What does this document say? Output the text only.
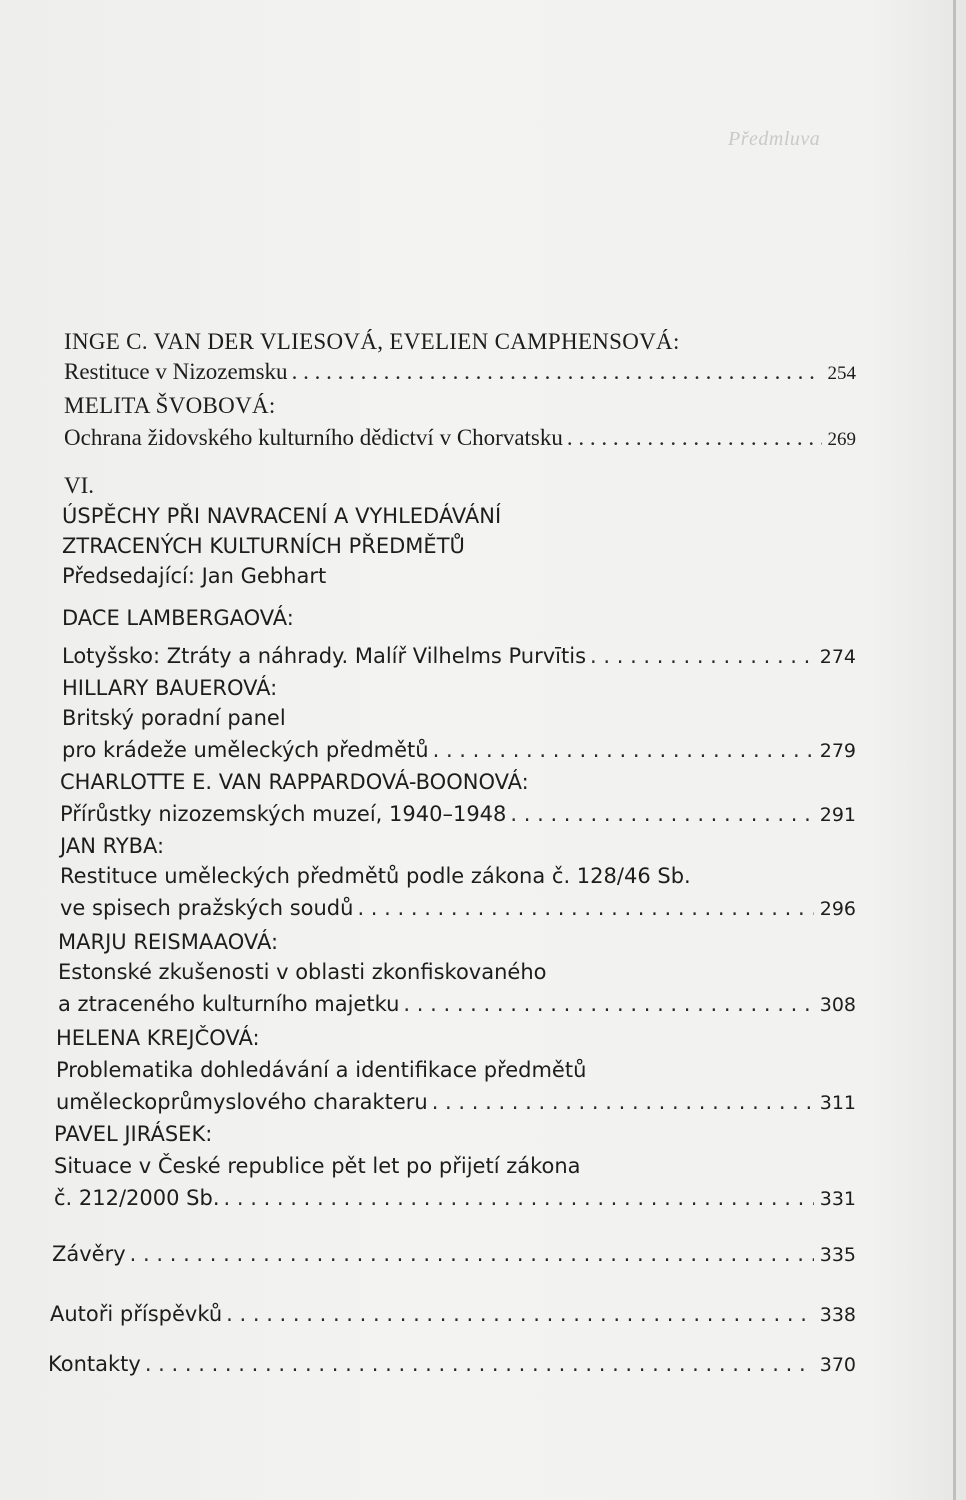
Předmluva
INGE C. VAN DER VLIESOVÁ, EVELIEN CAMPHENSOVÁ:
Restituce v Nizozemsku . . .	254
MELITA ŠVOBOVÁ:
Ochrana židovského kulturního dědictví v Chorvatsku . . .	269
VI.
ÚSPĚCHY PŘI NAVRACENÍ A VYHLEDÁVÁNÍ
ZTRACENÝCH KULTURNÍCH PŘEDMĚTŮ
Předsedající: Jan Gebhart
DACE LAMBERGAOVÁ:
Lotyšsko: Ztráty a náhrady. Malíř Vilhelms Purvītis . . .	274
HILLARY BAUEROVÁ:
Britský poradní panel
pro krádeže uměleckých předmětů . . .	279
CHARLOTTE E. VAN RAPPARDOVÁ-BOONOVÁ:
Přírůstky nizozemských muzeí, 1940–1948 . . .	291
JAN RYBA:
Restituce uměleckých předmětů podle zákona č. 128/46 Sb.
ve spisech pražských soudů . . .	296
MARJU REISMAAOVÁ:
Estonské zkušenosti v oblasti zkonfiskovaného
a ztraceného kulturního majetku . . .	308
HELENA KREJČOVÁ:
Problematika dohledávání a identifikace předmětů
uměleckoprůmyslového charakteru . . .	311
PAVEL JIRÁSEK:
Situace v České republice pět let po přijetí zákona
č. 212/2000 Sb. . . .	331
Závěry . . .	335
Autoři příspěvků . . .	338
Kontakty . . .	370
